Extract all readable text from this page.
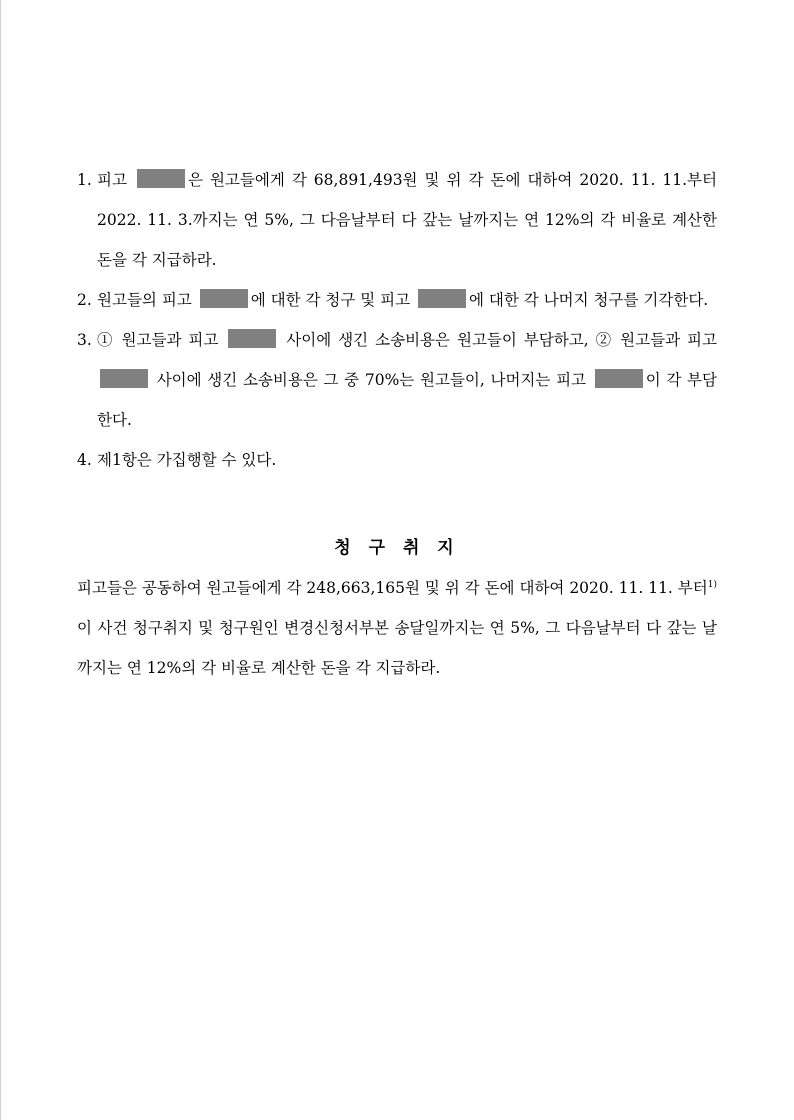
1. 피고	은 원고들에게 각 68,891,493원 및 위 각 돈에 대하여 2020. 11. 11.부터 2022. 11. 3.까지는 연 5%, 그 다음날부터 다 갚는 날까지는 연 12%의 각 비율로 계산한 돈을 각 지급하라.
2. 원고들의 피고	에 대한 각 청구 및 피고	에 대한 각 나머지 청구를 기각한다.
3. ① 원고들과 피고	사이에 생긴 소송비용은 원고들이 부담하고, ② 원고들과 피고  사이에 생긴 소송비용은 그 중 70%는 원고들이, 나머지는 피고	이 각 부담한다.
4. 제1항은 가집행할 수 있다.
청 구 취 지
피고들은 공동하여 원고들에게 각 248,663,165원 및 위 각 돈에 대하여 2020. 11. 11. 부터$^{1)}$ 이 사건 청구취지 및 청구원인 변경신청서부본 송달일까지는 연 5%, 그 다음날부터 다 갚는 날까지는 연 12%의 각 비율로 계산한 돈을 각 지급하라.
